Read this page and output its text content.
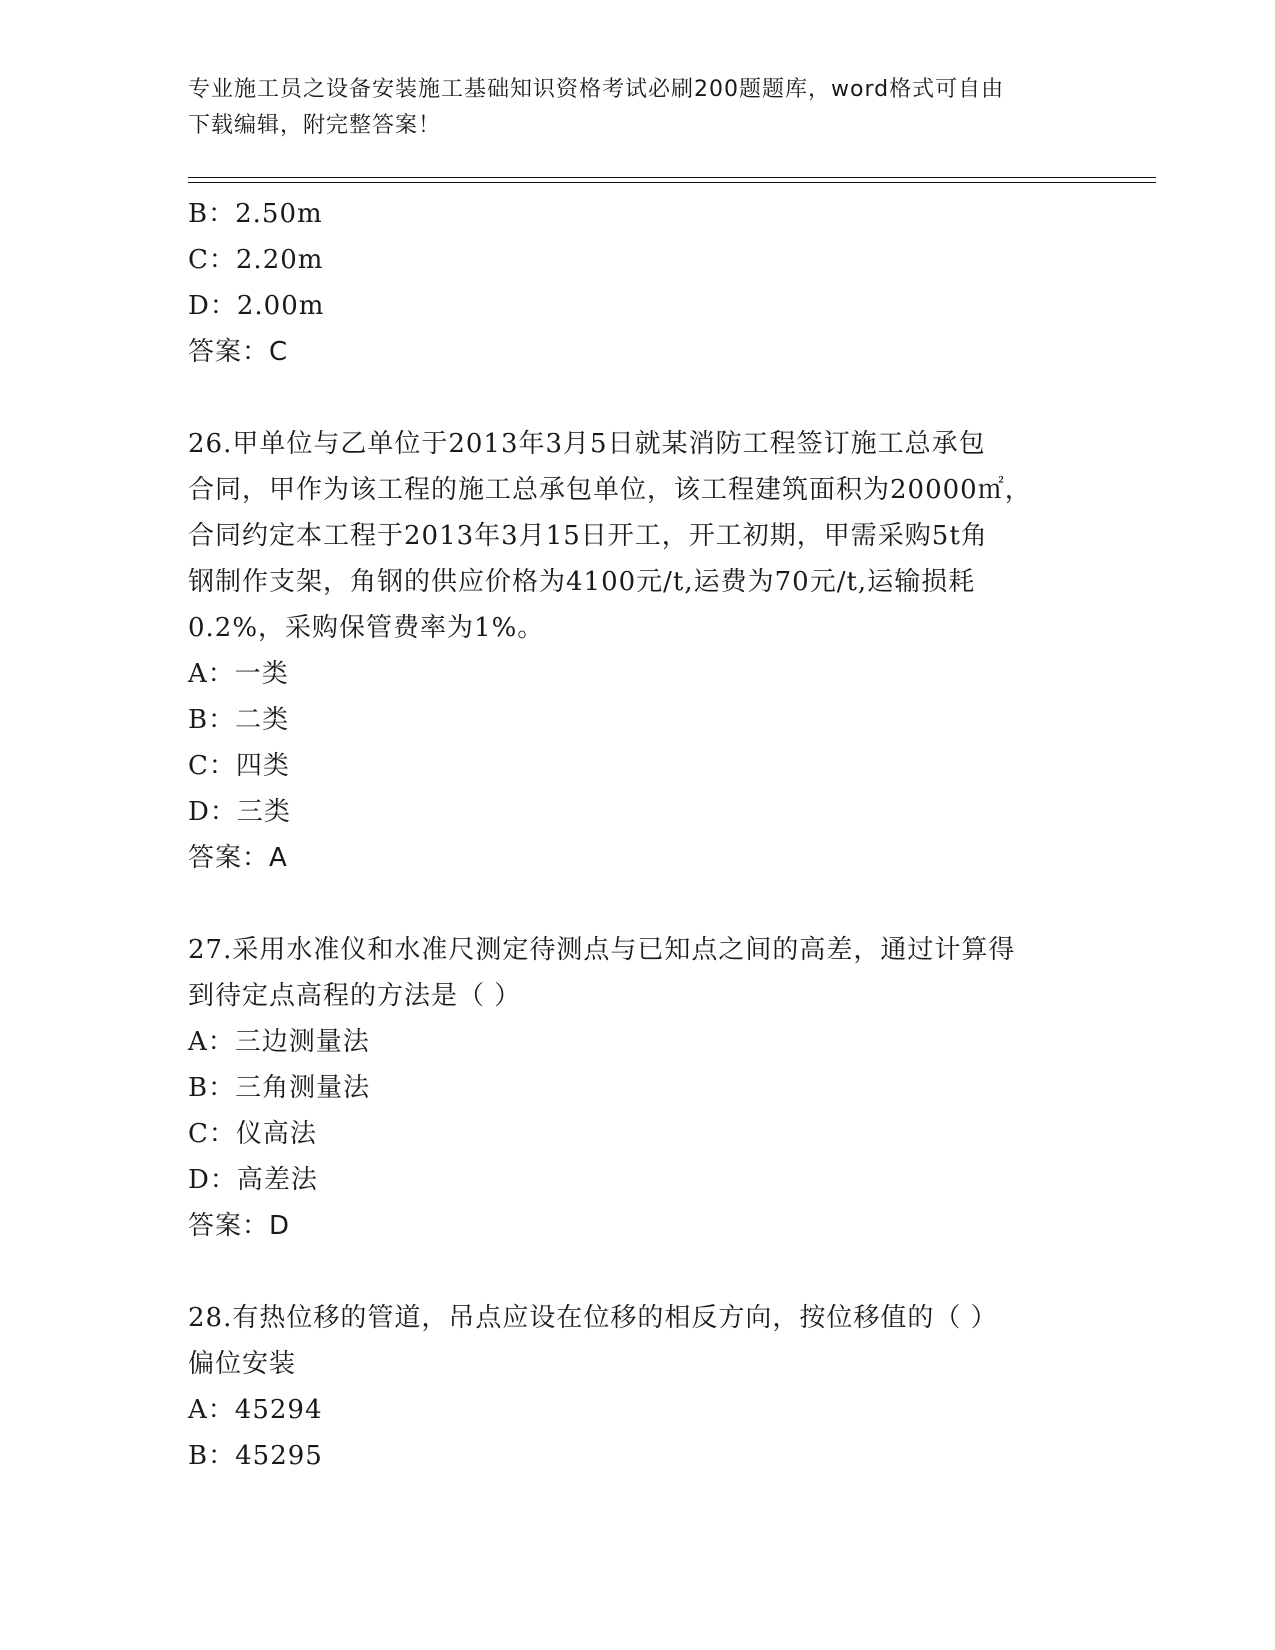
专业施工员之设备安装施工基础知识资格考试必刷200题题库，word格式可自由
下载编辑，附完整答案！
B：2.50m
C：2.20m
D：2.00m
答案：C
26.甲单位与乙单位于2013年3月5日就某消防工程签订施工总承包
合同，甲作为该工程的施工总承包单位，该工程建筑面积为20000㎡，
合同约定本工程于2013年3月15日开工，开工初期，甲需采购5t角
钢制作支架，角钢的供应价格为4100元/t,运费为70元/t,运输损耗
0.2%，采购保管费率为1%。
A：一类
B：二类
C：四类
D：三类
答案：A
27.采用水准仪和水准尺测定待测点与已知点之间的高差，通过计算得
到待定点高程的方法是（ ）
A：三边测量法
B：三角测量法
C：仪高法
D：高差法
答案：D
28.有热位移的管道，吊点应设在位移的相反方向，按位移值的（ ）
偏位安装
A：45294
B：45295
